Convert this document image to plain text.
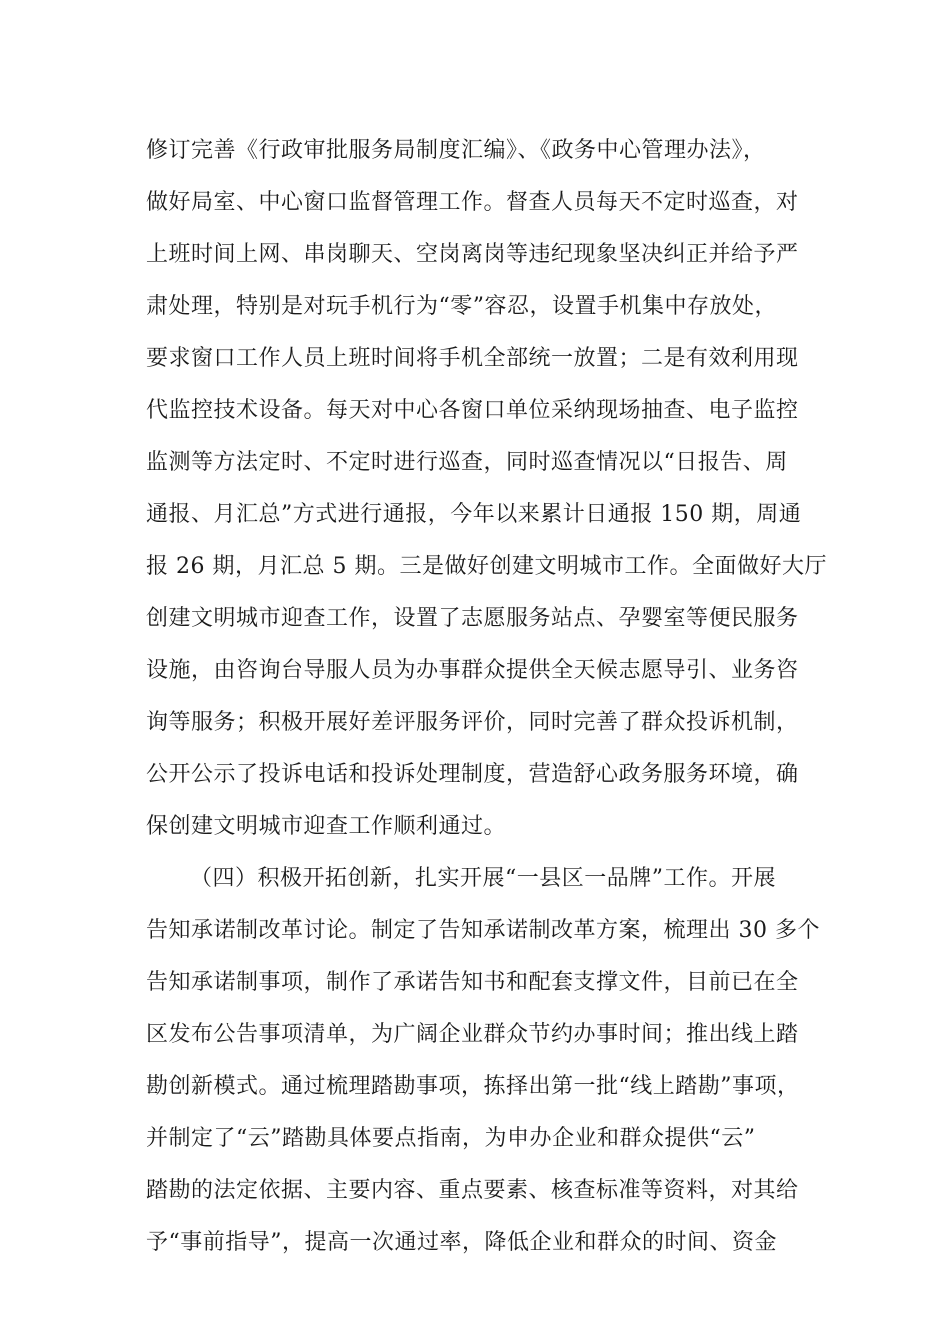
修订完善《行政审批服务局制度汇编》、《政务中心管理办法》，
做好局室、中心窗口监督管理工作。督查人员每天不定时巡查，对
上班时间上网、串岗聊天、空岗离岗等违纪现象坚决纠正并给予严
肃处理，特别是对玩手机行为“零”容忍，设置手机集中存放处，
要求窗口工作人员上班时间将手机全部统一放置；二是有效利用现
代监控技术设备。每天对中心各窗口单位采纳现场抽查、电子监控
监测等方法定时、不定时进行巡查，同时巡查情况以“日报告、周
通报、月汇总”方式进行通报，今年以来累计日通报 150 期，周通
报 26 期，月汇总 5 期。三是做好创建文明城市工作。全面做好大厅
创建文明城市迎查工作，设置了志愿服务站点、孕婴室等便民服务
设施，由咨询台导服人员为办事群众提供全天候志愿导引、业务咨
询等服务；积极开展好差评服务评价，同时完善了群众投诉机制，
公开公示了投诉电话和投诉处理制度，营造舒心政务服务环境，确
保创建文明城市迎查工作顺利通过。
（四）积极开拓创新，扎实开展“一县区一品牌”工作。开展
告知承诺制改革讨论。制定了告知承诺制改革方案，梳理出 30 多个
告知承诺制事项，制作了承诺告知书和配套支撑文件，目前已在全
区发布公告事项清单，为广阔企业群众节约办事时间；推出线上踏
勘创新模式。通过梳理踏勘事项，拣择出第一批“线上踏勘”事项，
并制定了“云”踏勘具体要点指南，为申办企业和群众提供“云”
踏勘的法定依据、主要内容、重点要素、核查标准等资料，对其给
予“事前指导”，提高一次通过率，降低企业和群众的时间、资金
